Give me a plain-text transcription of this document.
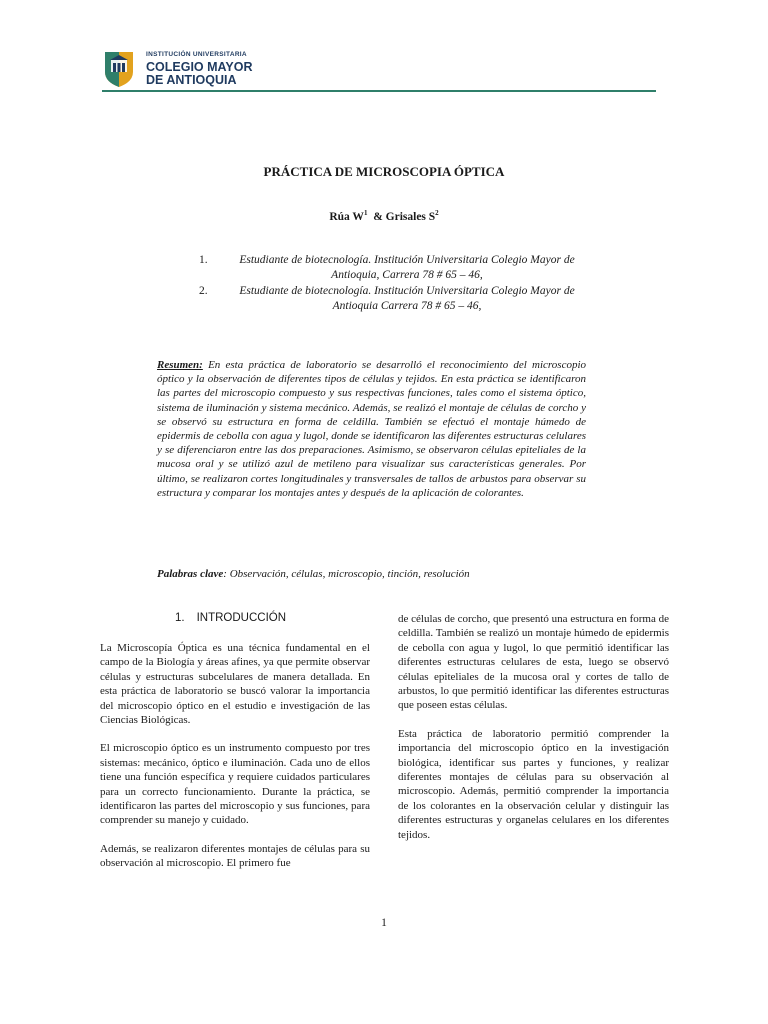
INSTITUCIÓN UNIVERSITARIA
COLEGIO MAYOR
DE ANTIOQUIA
PRÁCTICA DE MICROSCOPIA ÓPTICA
Rúa $W^1$  & Grisales $S^2$
1.	Estudiante de biotecnología. Institución Universitaria Colegio Mayor de
Antioquia, Carrera 78 # 65 – 46,
2.	Estudiante de biotecnología. Institución Universitaria Colegio Mayor de
Antioquia Carrera 78 # 65 – 46,
Resumen: En esta práctica de laboratorio se desarrolló el reconocimiento del microscopio óptico y la observación de diferentes tipos de células y tejidos. En esta práctica se identificaron las partes del microscopio compuesto y sus respectivas funciones, tales como el sistema óptico, sistema de iluminación y sistema mecánico. Además, se realizó el montaje de células de corcho y se observó su estructura en forma de celdilla. También se efectuó el montaje húmedo de epidermis de cebolla con agua y lugol, donde se identificaron las diferentes estructuras celulares y se diferenciaron entre las dos preparaciones. Asimismo, se observaron células epiteliales de la mucosa oral y se utilizó azul de metileno para visualizar sus características generales. Por último, se realizaron cortes longitudinales y transversales de tallos de arbustos para observar su estructura y comparar los montajes antes y después de la aplicación de colorantes.
Palabras clave: Observación, células, microscopio, tinción, resolución
1. INTRODUCCIÓN

La Microscopía Óptica es una técnica fundamental en el campo de la Biología y áreas afines, ya que permite observar células y estructuras subcelulares de manera detallada. En esta práctica de laboratorio se buscó valorar la importancia del microscopio óptico en el estudio e investigación de las Ciencias Biológicas.

El microscopio óptico es un instrumento compuesto por tres sistemas: mecánico, óptico e iluminación. Cada uno de ellos tiene una función específica y requiere cuidados particulares para un correcto funcionamiento. Durante la práctica, se identificaron las partes del microscopio y sus funciones, para comprender su manejo y cuidado.

Además, se realizaron diferentes montajes de células para su observación al microscopio. El primero fue

de células de corcho, que presentó una estructura en forma de celdilla. También se realizó un montaje húmedo de epidermis de cebolla con agua y lugol, lo que permitió identificar las diferentes estructuras celulares de esta, luego se observó células epiteliales de la mucosa oral y cortes de tallo de arbustos, lo que permitió identificar las diferentes estructuras que poseen estas células.

Esta práctica de laboratorio permitió comprender la importancia del microscopio óptico en la investigación biológica, identificar sus partes y funciones, y realizar diferentes montajes de células para su observación al microscopio. Además, permitió comprender la importancia de los colorantes en la observación celular y distinguir las diferentes estructuras y organelas celulares en los diferentes tejidos.

1
